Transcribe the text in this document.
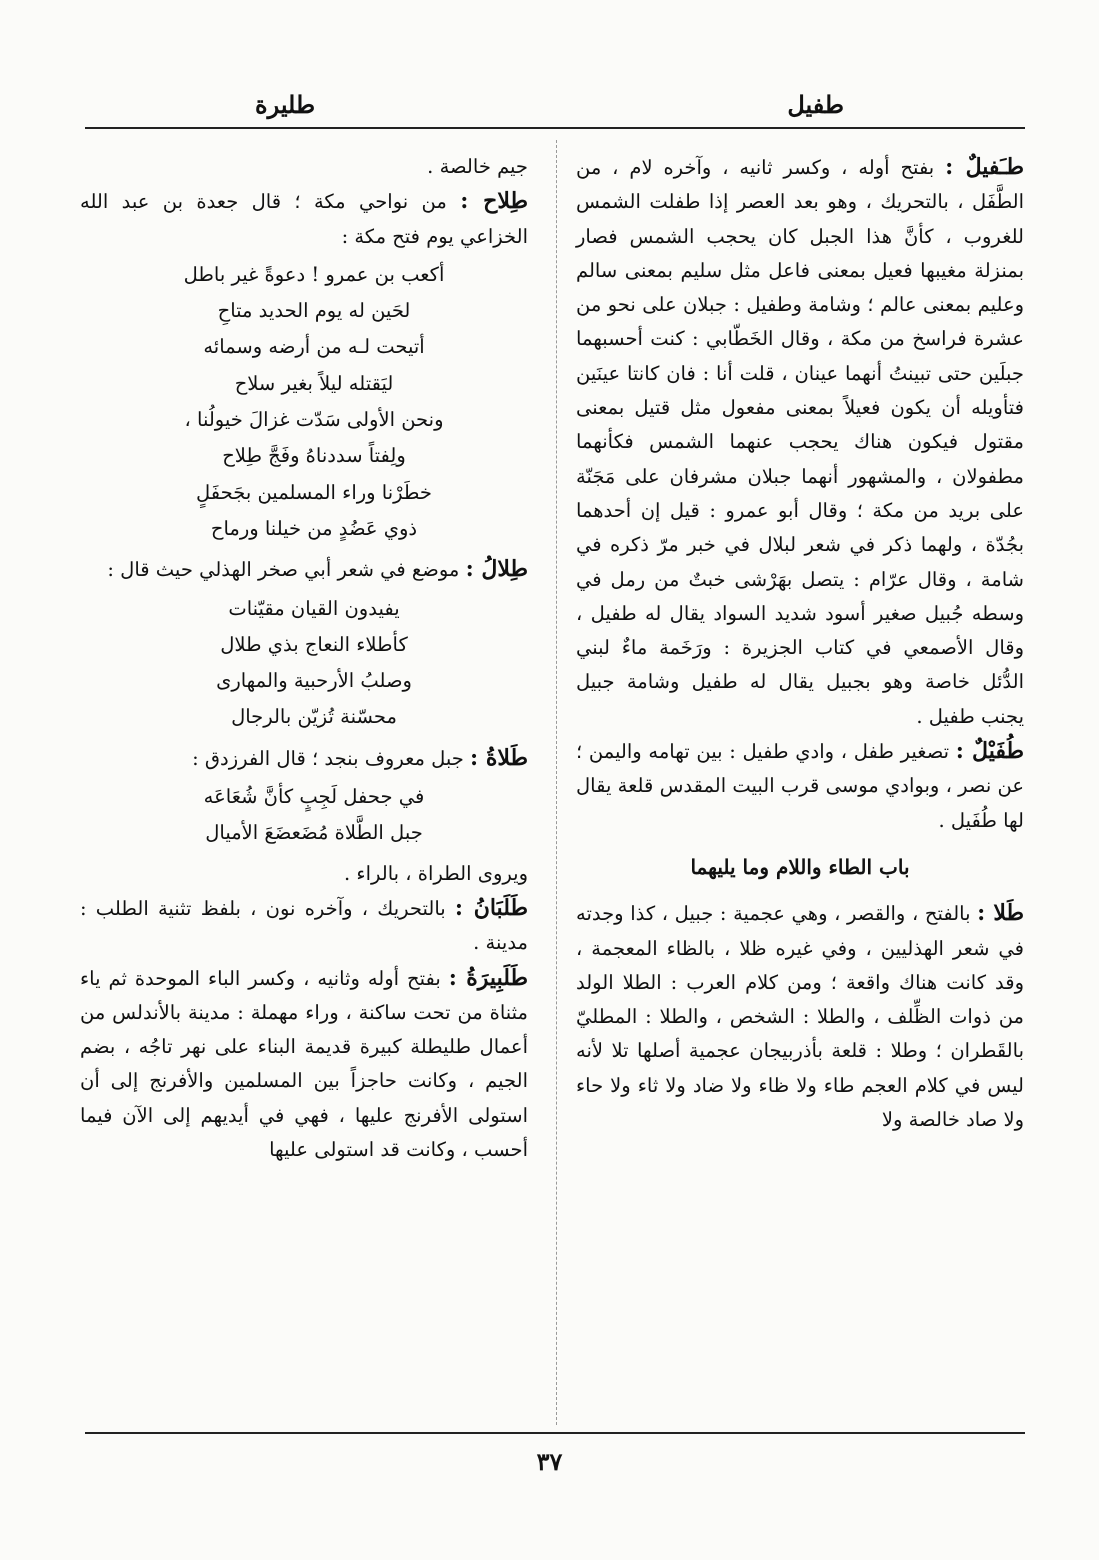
طفيل
طليرة

طـَفيلٌ : بفتح أوله ، وكسر ثانيه ، وآخره لام ، من الطَّفَل ، بالتحريك ، وهو بعد العصر إذا طفلت الشمس للغروب ، كأنَّ هذا الجبل كان يحجب الشمس فصار بمنزلة مغيبها فعيل بمعنى فاعل مثل سليم بمعنى سالم وعليم بمعنى عالم ؛ وشامة وطفيل : جبلان على نحو من عشرة فراسخ من مكة ، وقال الخَطّابي : كنت أحسبهما جبلَين حتى تبينتُ أنهما عينان ، قلت أنا : فان كانتا عينَين فتأويله أن يكون فعيلاً بمعنى مفعول مثل قتيل بمعنى مقتول فيكون هناك يحجب عنهما الشمس فكأنهما مطفولان ، والمشهور أنهما جبلان مشرفان على مَجَنّة على بريد من مكة ؛ وقال أبو عمرو : قيل إن أحدهما بجُدّة ، ولهما ذكر في شعر لبلال في خبر مرّ ذكره في شامة ، وقال عرّام : يتصل بهَرْشى خبتٌ من رمل في وسطه جُبيل صغير أسود شديد السواد يقال له طفيل ، وقال الأصمعي في كتاب الجزيرة : ورَخَمة ماءٌ لبني الدُّئل خاصة وهو بجبيل يقال له طفيل وشامة جبيل يجنب طفيل .

طُفَيْلٌ : تصغير طفل ، وادي طفيل : بين تهامه واليمن ؛ عن نصر ، وبوادي موسى قرب البيت المقدس قلعة يقال لها طُفَيل .

باب الطاء واللام وما يليهما

طَلا : بالفتح ، والقصر ، وهي عجمية : جبيل ، كذا وجدته في شعر الهذليين ، وفي غيره ظلا ، بالظاء المعجمة ، وقد كانت هناك واقعة ؛ ومن كلام العرب : الطلا الولد من ذوات الظِّلف ، والطلا : الشخص ، والطلا : المطليّ بالقَطران ؛ وطلا : قلعة بأذربيجان عجمية أصلها تلا لأنه ليس في كلام العجم طاء ولا ظاء ولا ضاد ولا ثاء ولا حاء ولا صاد خالصة ولا

جيم خالصة .

طِلاح : من نواحي مكة ؛ قال جعدة بن عبد الله الخزاعي يوم فتح مكة :

أكعب بن عمرو ! دعوةً غير باطل
لحَين له يوم الحديد متاحِ
أتيحت لـه من أرضه وسمائه
ليَقتله ليلاً بغير سلاح
ونحن الأولى سَدّت غزالَ خيولُنا ،
ولِفتاً سددناهُ وفَجَّ طِلاح
خطَرْنا وراء المسلمين بجَحفَلٍ
ذوي عَضُدٍ من خيلنا ورماح

طِلالُ : موضع في شعر أبي صخر الهذلي حيث قال :

يفيدون القيان مقيّنات
كأطلاء النعاج بذي طلال
وصلبُ الأرحبية والمهارى
محسّنة تُزيّن بالرجال

طَلاةُ : جبل معروف بنجد ؛ قال الفرزدق :

في جحفل لَجِبٍ كأنَّ شُعَاعَه
جبل الطَّلاة مُضَعضَعَ الأميال

ويروى الطراة ، بالراء .

طَلَبَانُ : بالتحريك ، وآخره نون ، بلفظ تثنية الطلب : مدينة .

طَلَبِيرَةُ : بفتح أوله وثانيه ، وكسر الباء الموحدة ثم ياء مثناة من تحت ساكنة ، وراء مهملة : مدينة بالأندلس من أعمال طليطلة كبيرة قديمة البناء على نهر تاجُه ، بضم الجيم ، وكانت حاجزاً بين المسلمين والأفرنج إلى أن استولى الأفرنج عليها ، فهي في أيديهم إلى الآن فيما أحسب ، وكانت قد استولى عليها

٣٧
